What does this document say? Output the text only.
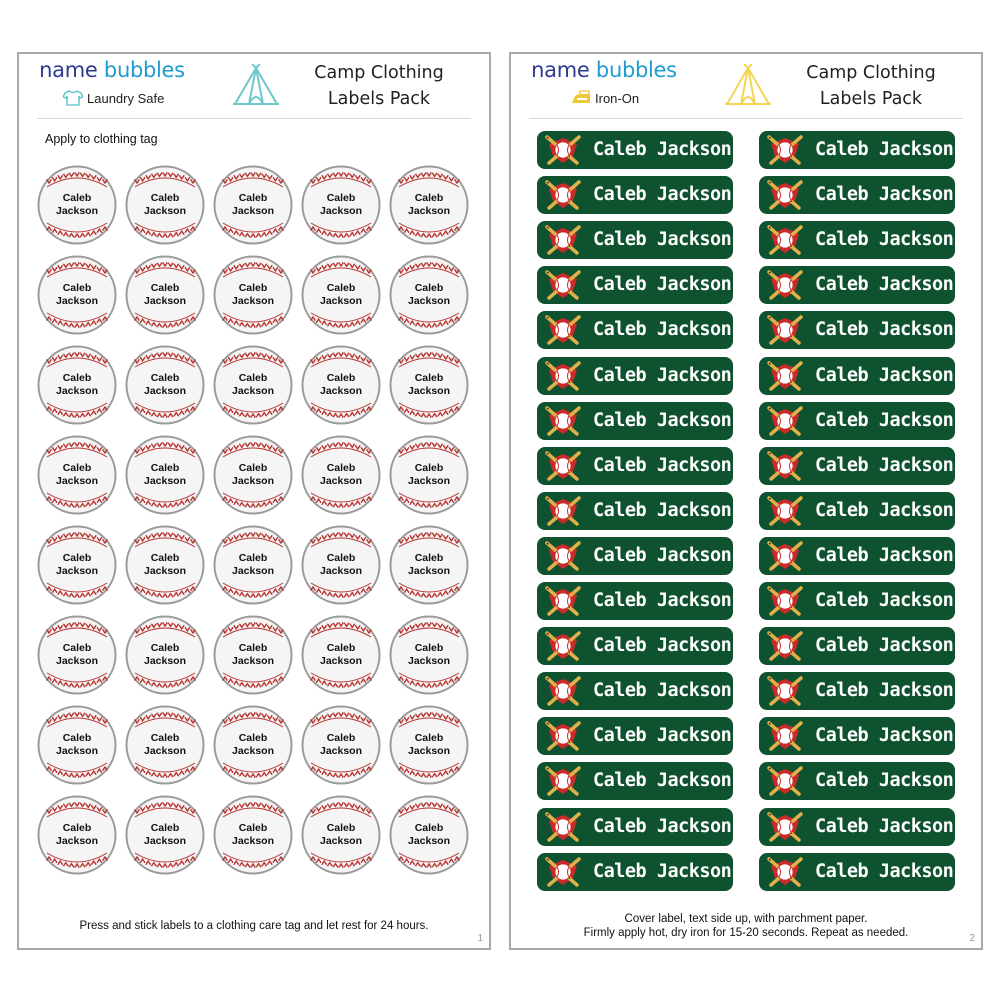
name bubbles
Laundry Safe
Camp Clothing
Labels Pack
Apply to clothing tag
Caleb
Jackson
Caleb
Jackson
Caleb
Jackson
Caleb
Jackson
Caleb
Jackson
Caleb
Jackson
Caleb
Jackson
Caleb
Jackson
Caleb
Jackson
Caleb
Jackson
Caleb
Jackson
Caleb
Jackson
Caleb
Jackson
Caleb
Jackson
Caleb
Jackson
Caleb
Jackson
Caleb
Jackson
Caleb
Jackson
Caleb
Jackson
Caleb
Jackson
Caleb
Jackson
Caleb
Jackson
Caleb
Jackson
Caleb
Jackson
Caleb
Jackson
Caleb
Jackson
Caleb
Jackson
Caleb
Jackson
Caleb
Jackson
Caleb
Jackson
Caleb
Jackson
Caleb
Jackson
Caleb
Jackson
Caleb
Jackson
Caleb
Jackson
Caleb
Jackson
Caleb
Jackson
Caleb
Jackson
Caleb
Jackson
Caleb
Jackson
Press and stick labels to a clothing care tag and let rest for 24 hours.
1
name bubbles
Iron-On
Camp Clothing
Labels Pack
Caleb Jackson	Caleb Jackson
Caleb Jackson	Caleb Jackson
Caleb Jackson	Caleb Jackson
Caleb Jackson	Caleb Jackson
Caleb Jackson	Caleb Jackson
Caleb Jackson	Caleb Jackson
Caleb Jackson	Caleb Jackson
Caleb Jackson	Caleb Jackson
Caleb Jackson	Caleb Jackson
Caleb Jackson	Caleb Jackson
Caleb Jackson	Caleb Jackson
Caleb Jackson	Caleb Jackson
Caleb Jackson	Caleb Jackson
Caleb Jackson	Caleb Jackson
Caleb Jackson	Caleb Jackson
Caleb Jackson	Caleb Jackson
Caleb Jackson	Caleb Jackson
Cover label, text side up, with parchment paper.
Firmly apply hot, dry iron for 15-20 seconds. Repeat as needed.	2
